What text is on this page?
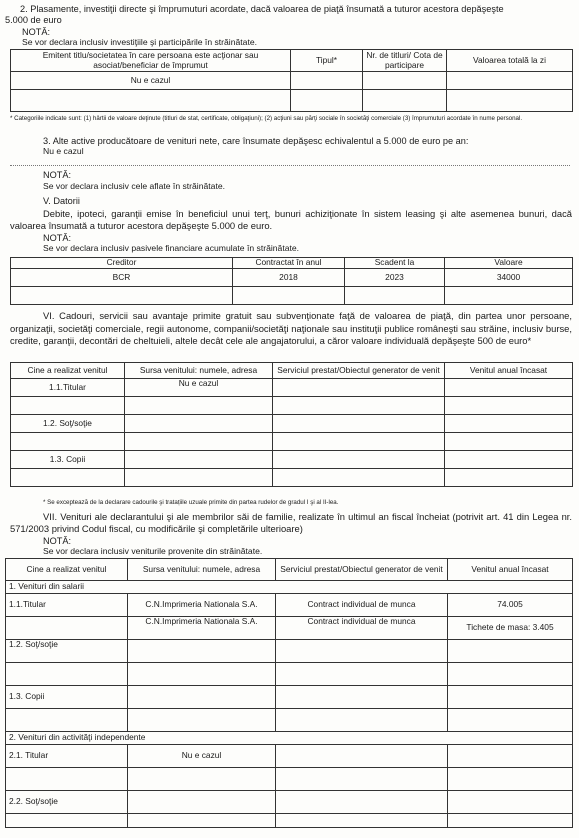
2. Plasamente, investiţii directe şi împrumuturi acordate, dacă valoarea de piaţă însumată a tuturor acestora depăşeşte
5.000 de euro
NOTĂ:
Se vor declara inclusiv investiţiile şi participările în străinătate.
Emitent titlu/societatea în care persoana este acţionar sau asociat/beneficiar de împrumut	Tipul*	Nr. de titluri/ Cota de participare	Valoarea totală la zi
Nu e cazul			

* Categoriile indicate sunt: (1) hârtii de valoare deţinute (titluri de stat, certificate, obligaţiuni); (2) acţiuni sau părţi sociale în societăţi comerciale (3) împrumuturi acordate în nume personal.
3. Alte active producătoare de venituri nete, care însumate depăşesc echivalentul a 5.000 de euro pe an:
Nu e cazul
NOTĂ:
Se vor declara inclusiv cele aflate în străinătate.
V. Datorii
Debite, ipoteci, garanţii emise în beneficiul unui terţ, bunuri achiziţionate în sistem leasing şi alte asemenea bunuri, dacă valoarea însumată a tuturor acestora depăşeşte 5.000 de euro.
NOTĂ:
Se vor declara inclusiv pasivele financiare acumulate în străinătate.
Creditor	Contractat în anul	Scadent la	Valoare
BCR	2018	2023	34000

VI. Cadouri, servicii sau avantaje primite gratuit sau subvenţionate faţă de valoarea de piaţă, din partea unor persoane, organizaţii, societăţi comerciale, regii autonome, companii/societăţi naţionale sau instituţii publice româneşti sau străine, inclusiv burse, credite, garanţii, decontări de cheltuieli, altele decât cele ale angajatorului, a căror valoare individuală depăşeşte 500 de euro*
Cine a realizat venitul	Sursa venitului: numele, adresa	Serviciul prestat/Obiectul generator de venit	Venitul anual încasat
1.1.Titular	Nu e cazul		

1.2. Soţ/soţie			

1.3. Copii			

* Se exceptează de la declarare cadourile şi tratațiile uzuale primite din partea rudelor de gradul I şi al II-lea.
VII. Venituri ale declarantului şi ale membrilor săi de familie, realizate în ultimul an fiscal încheiat (potrivit art. 41 din Legea nr. 571/2003 privind Codul fiscal, cu modificările şi completările ulterioare)
NOTĂ:
Se vor declara inclusiv veniturile provenite din străinătate.
Cine a realizat venitul	Sursa venitului: numele, adresa	Serviciul prestat/Obiectul generator de venit	Venitul anual încasat
1. Venituri din salarii			
1.1.Titular	C.N.Imprimeria Nationala S.A.	Contract individual de munca	74.005
	C.N.Imprimeria Nationala S.A.	Contract individual de munca	Tichete de masa: 3.405
1.2. Soţ/soţie			

1.3. Copii			

2. Venituri din activităţi independente			
2.1. Titular	Nu e cazul		

2.2. Soţ/soţie			
